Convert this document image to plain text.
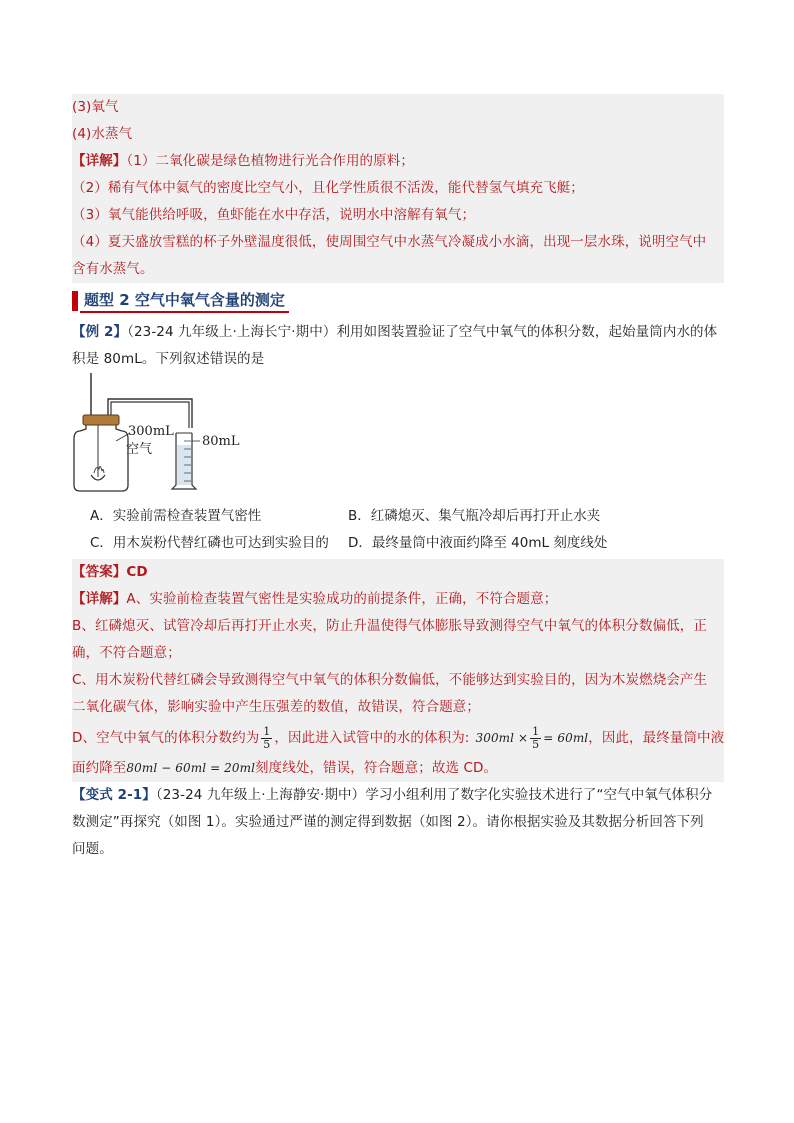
(3)氧气
(4)水蒸气
【详解】（1）二氧化碳是绿色植物进行光合作用的原料；
（2）稀有气体中氦气的密度比空气小，且化学性质很不活泼，能代替氢气填充飞艇；
（3）氧气能供给呼吸，鱼虾能在水中存活，说明水中溶解有氧气；
（4）夏天盛放雪糕的杯子外壁温度很低，使周围空气中水蒸气冷凝成小水滴，出现一层水珠，说明空气中
含有水蒸气。
题型 2 空气中氧气含量的测定
【例 2】（23-24 九年级上·上海长宁·期中）利用如图装置验证了空气中氧气的体积分数，起始量筒内水的体
积是 80mL。下列叙述错误的是
300mL
空气
80mL
A．实验前需检查装置气密性	B．红磷熄灭、集气瓶冷却后再打开止水夹
C．用木炭粉代替红磷也可达到实验目的 D．最终量筒中液面约降至 40mL 刻度线处
【答案】CD
【详解】A、实验前检查装置气密性是实验成功的前提条件，正确，不符合题意；
B、红磷熄灭、试管冷却后再打开止水夹，防止升温使得气体膨胀导致测得空气中氧气的体积分数偏低，正
确，不符合题意；
C、用木炭粉代替红磷会导致测得空气中氧气的体积分数偏低，不能够达到实验目的，因为木炭燃烧会产生
二氧化碳气体，影响实验中产生压强差的数值，故错误，符合题意；
D、空气中氧气的体积分数约为 $\frac{1}{5}$ ，因此进入试管中的水的体积为: $300ml \times \frac{1}{5} = 60ml$ ，因此，最终量筒中液
面约降至80ml − 60ml = 20ml刻度线处，错误，符合题意；故选 CD。
【变式 2-1】（23-24 九年级上·上海静安·期中）学习小组利用了数字化实验技术进行了“空气中氧气体积分
数测定”再探究（如图 1）。实验通过严谨的测定得到数据（如图 2）。请你根据实验及其数据分析回答下列
问题。
